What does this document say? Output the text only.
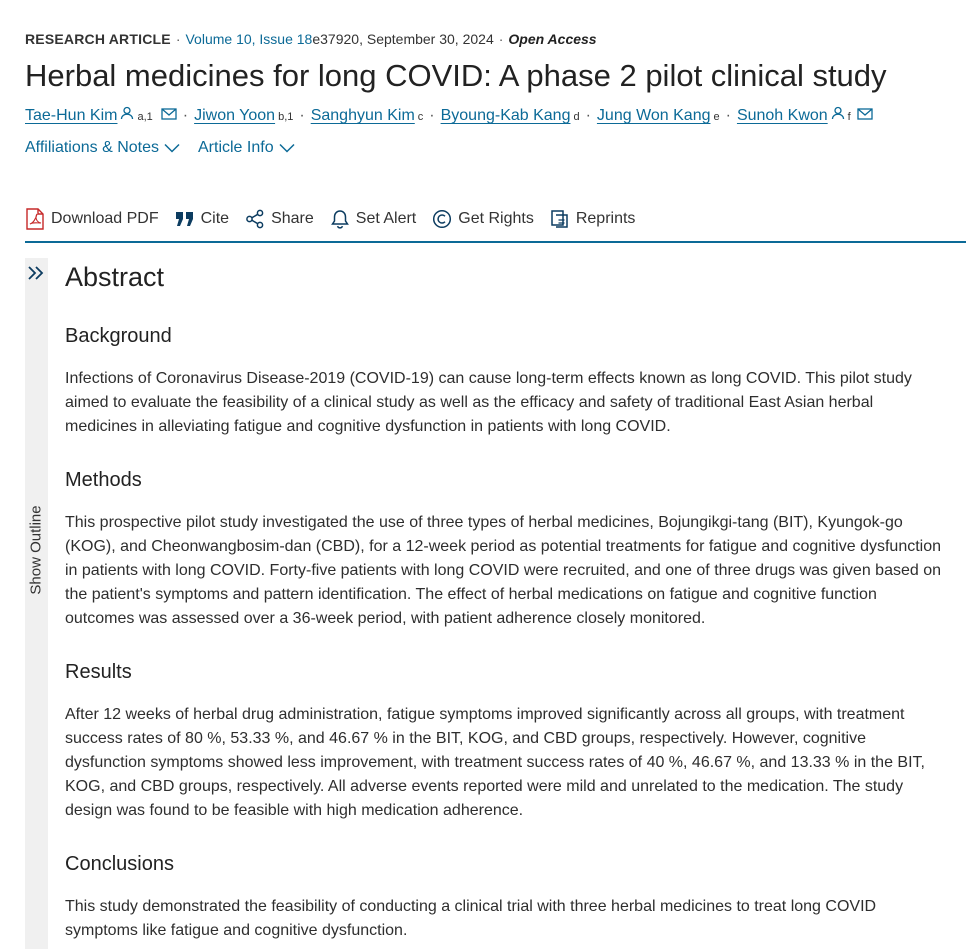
RESEARCH ARTICLE · Volume 10, Issue 18e37920, September 30, 2024 · Open Access
Herbal medicines for long COVID: A phase 2 pilot clinical study
Tae-Hun Kim a,1 · Jiwon Yoon b,1 · Sanghyun Kim c · Byoung-Kab Kang d · Jung Won Kang e · Sunoh Kwon f
Affiliations & Notes Article Info
Download PDF	Cite	Share	Set Alert	Get Rights	Reprints
Show Outline
Abstract
Background

Infections of Coronavirus Disease-2019 (COVID-19) can cause long-term effects known as long COVID. This pilot study aimed to evaluate the feasibility of a clinical study as well as the efficacy and safety of traditional East Asian herbal medicines in alleviating fatigue and cognitive dysfunction in patients with long COVID.

Methods

This prospective pilot study investigated the use of three types of herbal medicines, Bojungikgi-tang (BIT), Kyungok-go (KOG), and Cheonwangbosim-dan (CBD), for a 12-week period as potential treatments for fatigue and cognitive dysfunction in patients with long COVID. Forty-five patients with long COVID were recruited, and one of three drugs was given based on the patient's symptoms and pattern identification. The effect of herbal medications on fatigue and cognitive function outcomes was assessed over a 36-week period, with patient adherence closely monitored.

Results

After 12 weeks of herbal drug administration, fatigue symptoms improved significantly across all groups, with treatment success rates of 80 %, 53.33 %, and 46.67 % in the BIT, KOG, and CBD groups, respectively. However, cognitive dysfunction symptoms showed less improvement, with treatment success rates of 40 %, 46.67 %, and 13.33 % in the BIT, KOG, and CBD groups, respectively. All adverse events reported were mild and unrelated to the medication. The study design was found to be feasible with high medication adherence.

Conclusions

This study demonstrated the feasibility of conducting a clinical trial with three herbal medicines to treat long COVID symptoms like fatigue and cognitive dysfunction.
